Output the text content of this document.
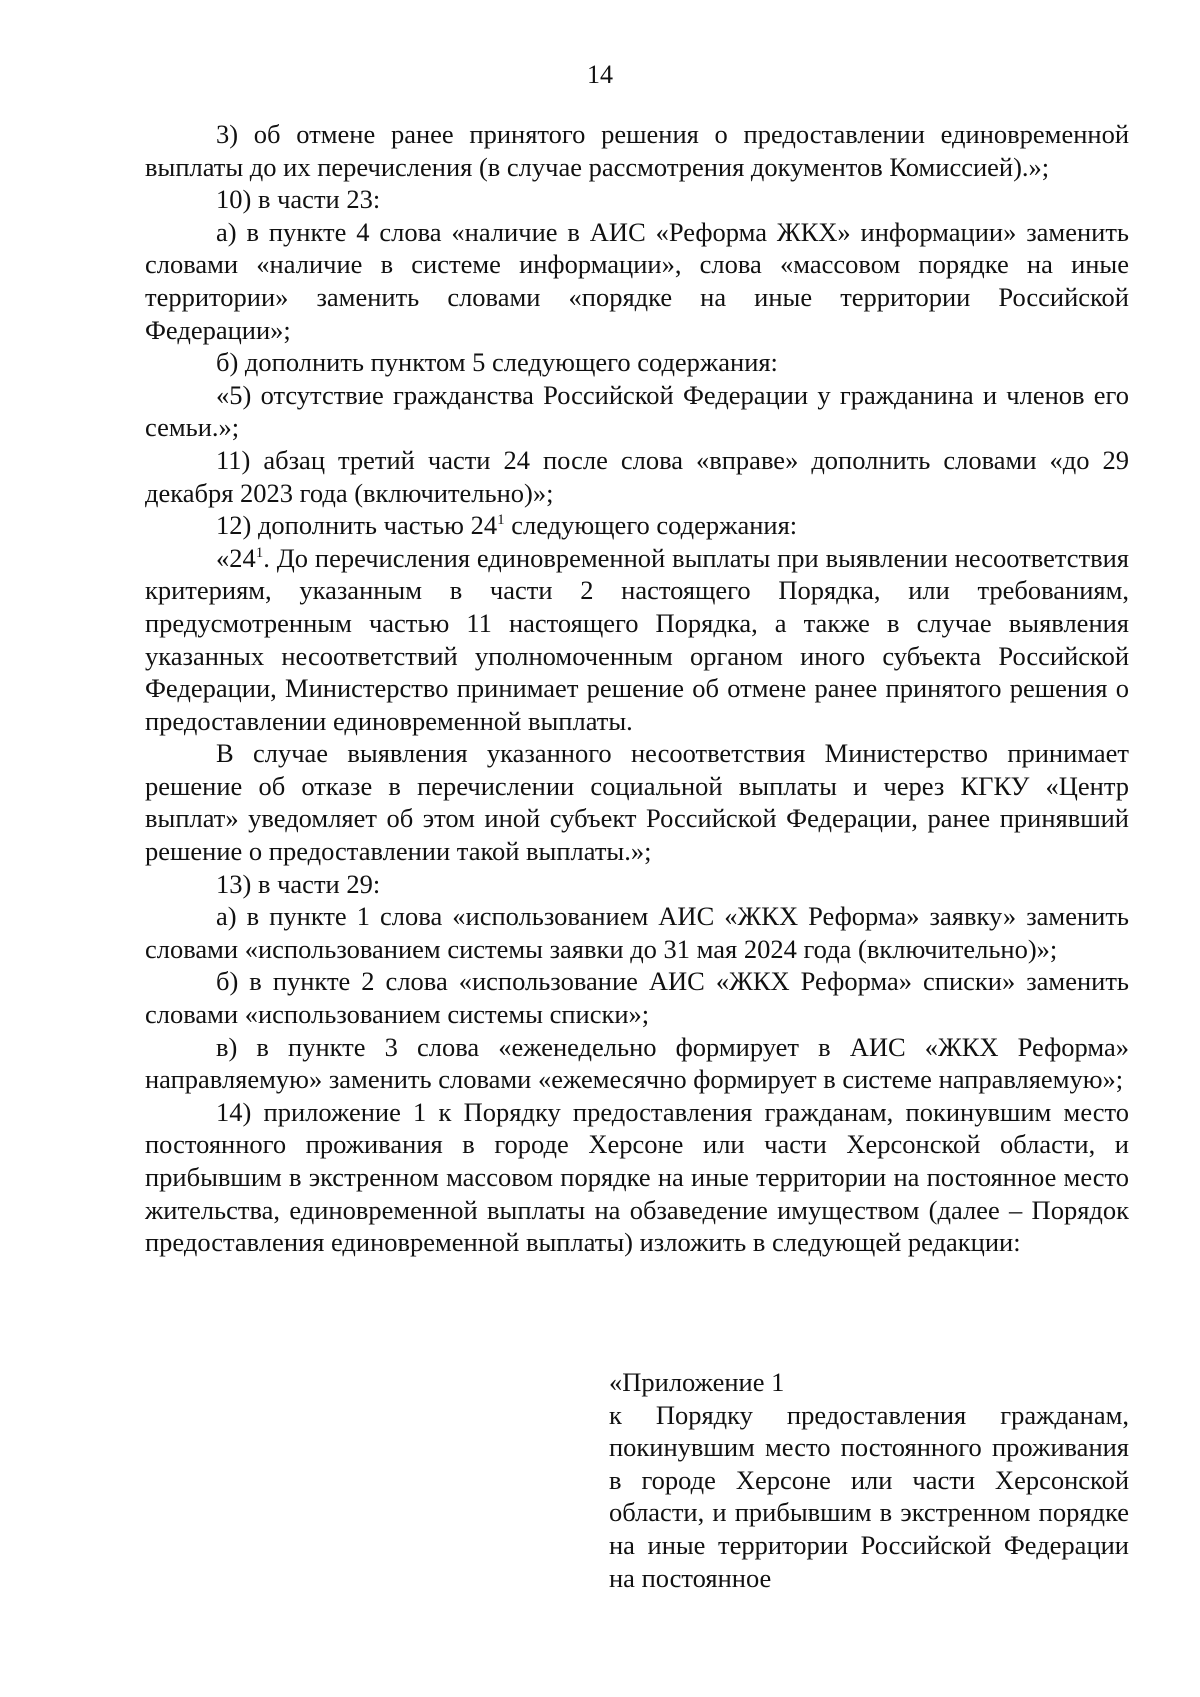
14

3) об отмене ранее принятого решения о предоставлении единовременной выплаты до их перечисления (в случае рассмотрения документов Комиссией).»;

10) в части 23:

а) в пункте 4 слова «наличие в АИС «Реформа ЖКХ» информации» заменить словами «наличие в системе информации», слова «массовом порядке на иные территории» заменить словами «порядке на иные территории Российской Федерации»;

б) дополнить пунктом 5 следующего содержания:

«5) отсутствие гражданства Российской Федерации у гражданина и членов его семьи.»;

11) абзац третий части 24 после слова «вправе» дополнить словами «до 29 декабря 2023 года (включительно)»;

12) дополнить частью $24^1$ следующего содержания:

«$24^1$. До перечисления единовременной выплаты при выявлении несоответствия критериям, указанным в части 2 настоящего Порядка, или требованиям, предусмотренным частью 11 настоящего Порядка, а также в случае выявления указанных несоответствий уполномоченным органом иного субъекта Российской Федерации, Министерство принимает решение об отмене ранее принятого решения о предоставлении единовременной выплаты.

В случае выявления указанного несоответствия Министерство принимает решение об отказе в перечислении социальной выплаты и через КГКУ «Центр выплат» уведомляет об этом иной субъект Российской Федерации, ранее принявший решение о предоставлении такой выплаты.»;

13) в части 29:

а) в пункте 1 слова «использованием АИС «ЖКХ Реформа» заявку» заменить словами «использованием системы заявки до 31 мая 2024 года (включительно)»;

б) в пункте 2 слова «использование АИС «ЖКХ Реформа» списки» заменить словами «использованием системы списки»;

в) в пункте 3 слова «еженедельно формирует в АИС «ЖКХ Реформа» направляемую» заменить словами «ежемесячно формирует в системе направляемую»;

14) приложение 1 к Порядку предоставления гражданам, покинувшим место постоянного проживания в городе Херсоне или части Херсонской области, и прибывшим в экстренном массовом порядке на иные территории на постоянное место жительства, единовременной выплаты на обзаведение имуществом (далее – Порядок предоставления единовременной выплаты) изложить в следующей редакции:

«Приложение 1

к Порядку предоставления гражданам, покинувшим место постоянного проживания в городе Херсоне или части Херсонской области, и прибывшим в экстренном порядке на иные территории Российской Федерации на постоянное
